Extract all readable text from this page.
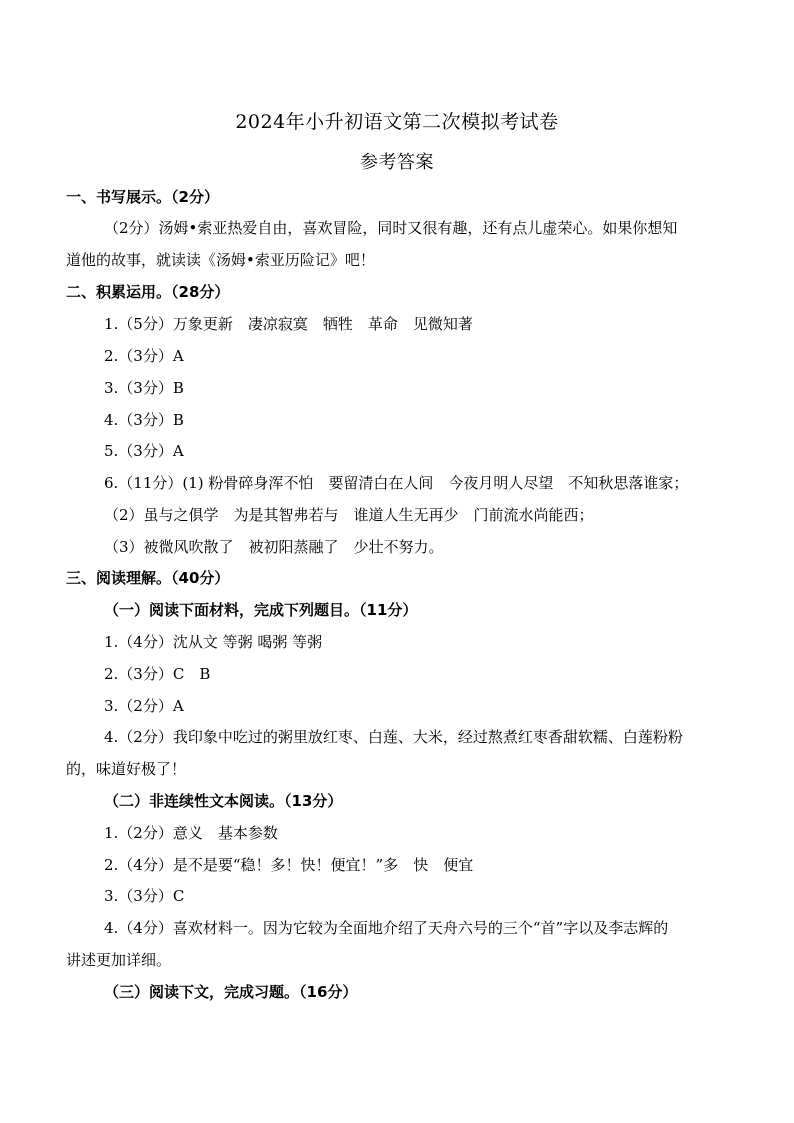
2024年小升初语文第二次模拟考试卷
参考答案
一、书写展示。（2分）
（2分）汤姆•索亚热爱自由，喜欢冒险，同时又很有趣，还有点儿虚荣心。如果你想知
道他的故事，就读读《汤姆•索亚历险记》吧！
二、积累运用。（28分）
1.（5分）万象更新　凄凉寂寞　牺牲　革命　见微知著
2.（3分）A
3.（3分）B
4.（3分）B
5.（3分）A
6.（11分）(1) 粉骨碎身浑不怕　要留清白在人间　今夜月明人尽望　不知秋思落谁家；
（2）虽与之俱学　为是其智弗若与　谁道人生无再少　门前流水尚能西；
（3）被微风吹散了　被初阳蒸融了　少壮不努力。
三、阅读理解。（40分）
（一）阅读下面材料，完成下列题目。（11分）
1.（4分）沈从文 等粥 喝粥 等粥
2.（3分）C　B
3.（2分）A
4.（2分）我印象中吃过的粥里放红枣、白莲、大米，经过熬煮红枣香甜软糯、白莲粉粉
的，味道好极了！
（二）非连续性文本阅读。（13分）
1.（2分）意义　基本参数
2.（4分）是不是要“稳！多！快！便宜！”多　快　便宜
3.（3分）C
4.（4分）喜欢材料一。因为它较为全面地介绍了天舟六号的三个“首”字以及李志辉的
讲述更加详细。
（三）阅读下文，完成习题。（16分）
